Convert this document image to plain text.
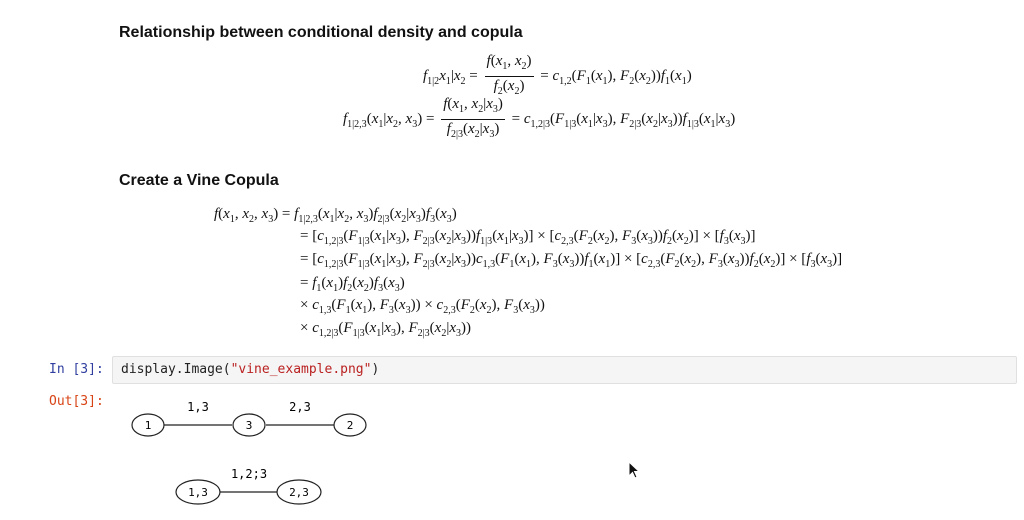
Relationship between conditional density and copula
$f_{1|2}x_1|x_2 = \frac{f(x_1, x_2)}{f_2(x_2)} = c_{1,2}(F_1(x_1)$, $F_2(x_2))f_1(x_1)$
$f_{1|2,3}(x_1|x_2$, $x_3) = \frac{f(x_1, x_2|x_3)}{f_{2|3}(x_2|x_3)} = c_{1,2|3}(F_{1|3}(x_1|x_3)$, $F_{2|3}(x_2|x_3))f_{1|3}(x_1|x_3)$
Create a Vine Copula
$f(x_1$, $x_2$, $x_3) = f_{1|2,3}(x_1|x_2$, $x_3)f_{2|3}(x_2|x_3)f_3(x_3)$
= [$c_{1,2|3}(F_{1|3}(x_1|x_3)$, $F_{2|3}(x_2|x_3))f_{1|3}(x_1|x_3)] \times [c_{2,3}(F_2(x_2)$, $F_3(x_3))f_2(x_2)] \times [f_3(x_3)]$
= [$c_{1,2|3}(F_{1|3}(x_1|x_3)$, $F_{2|3}(x_2|x_3))c_{1,3}(F_1(x_1)$, $F_3(x_3))f_1(x_1)] \times [c_{2,3}(F_2(x_2)$, $F_3(x_3))f_2(x_2)] \times [f_3(x_3)]$
= $f_1(x_1)f_2(x_2)f_3(x_3)$
× $c_{1,3}(F_1(x_1)$, $F_3(x_3)) \times c_{2,3}(F_2(x_2)$, $F_3(x_3)$)
× $c_{1,2|3}(F_{1|3}(x_1|x_3)$, $F_{2|3}(x_2|x_3)$)
In [3]: display.Image("vine_example.png")
Out[3]:
1	3	2
1,3	2,3
1,3	2,3
1,2;3
